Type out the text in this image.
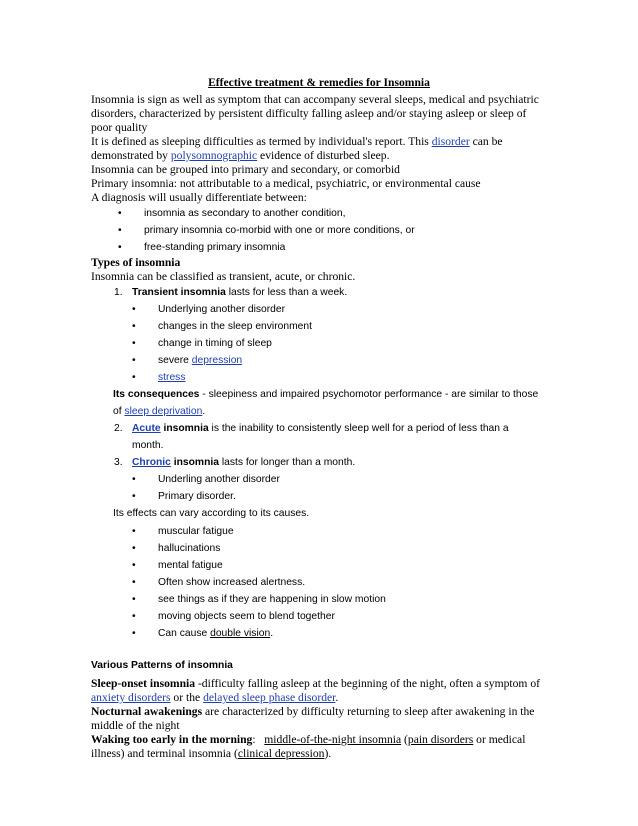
Effective treatment & remedies for Insomnia
Insomnia is sign as well as symptom that can accompany several sleeps, medical and psychiatric
disorders, characterized by persistent difficulty falling asleep and/or staying asleep or sleep of
poor quality
It is defined as sleeping difficulties as termed by individual's report. This disorder can be
demonstrated by polysomnographic evidence of disturbed sleep.
Insomnia can be grouped into primary and secondary, or comorbid
Primary insomnia: not attributable to a medical, psychiatric, or environmental cause
A diagnosis will usually differentiate between:
• insomnia as secondary to another condition,
• primary insomnia co-morbid with one or more conditions, or
• free-standing primary insomnia
Types of insomnia
Insomnia can be classified as transient, acute, or chronic.
1. Transient insomnia lasts for less than a week.
• Underlying another disorder
• changes in the sleep environment
• change in timing of sleep
• severe depression
• stress
Its consequences - sleepiness and impaired psychomotor performance - are similar to those
of sleep deprivation.
2. Acute insomnia is the inability to consistently sleep well for a period of less than a
month.
3. Chronic insomnia lasts for longer than a month.
• Underling another disorder
• Primary disorder.
Its effects can vary according to its causes.
• muscular fatigue
• hallucinations
• mental fatigue
• Often show increased alertness.
• see things as if they are happening in slow motion
• moving objects seem to blend together
• Can cause double vision.
Various Patterns of insomnia
Sleep-onset insomnia -difficulty falling asleep at the beginning of the night, often a symptom of
anxiety disorders or the delayed sleep phase disorder.
Nocturnal awakenings are characterized by difficulty returning to sleep after awakening in the
middle of the night
Waking too early in the morning:   middle-of-the-night insomnia (pain disorders or medical
illness) and terminal insomnia (clinical depression).
